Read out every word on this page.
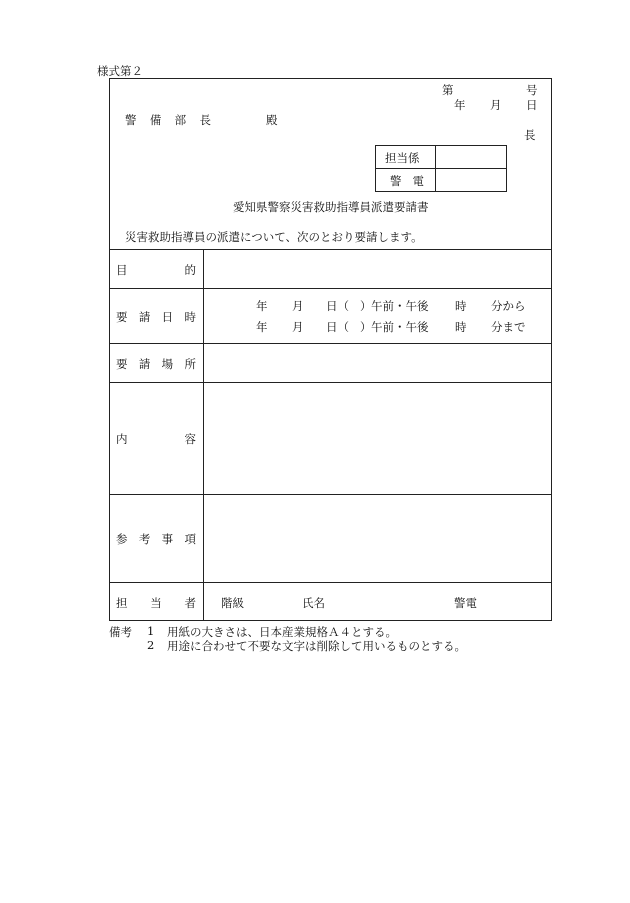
様式第２
第	号
年 月 日
警 備 部 長	殿
長
担当係
警 電
愛知県警察災害救助指導員派遣要請書
災害救助指導員の派遣について、次のとおり要請します。
目	的
要 請 日 時
年 月 日（ ） 午前・午後 時 分から
年 月 日（ ） 午前・午後 時 分まで
要 請 場 所
内	容
参 考 事 項
担 当 者 階級	氏名	警電
備考 1 用紙の大きさは、日本産業規格Ａ４とする。
2 用途に合わせて不要な文字は削除して用いるものとする。
